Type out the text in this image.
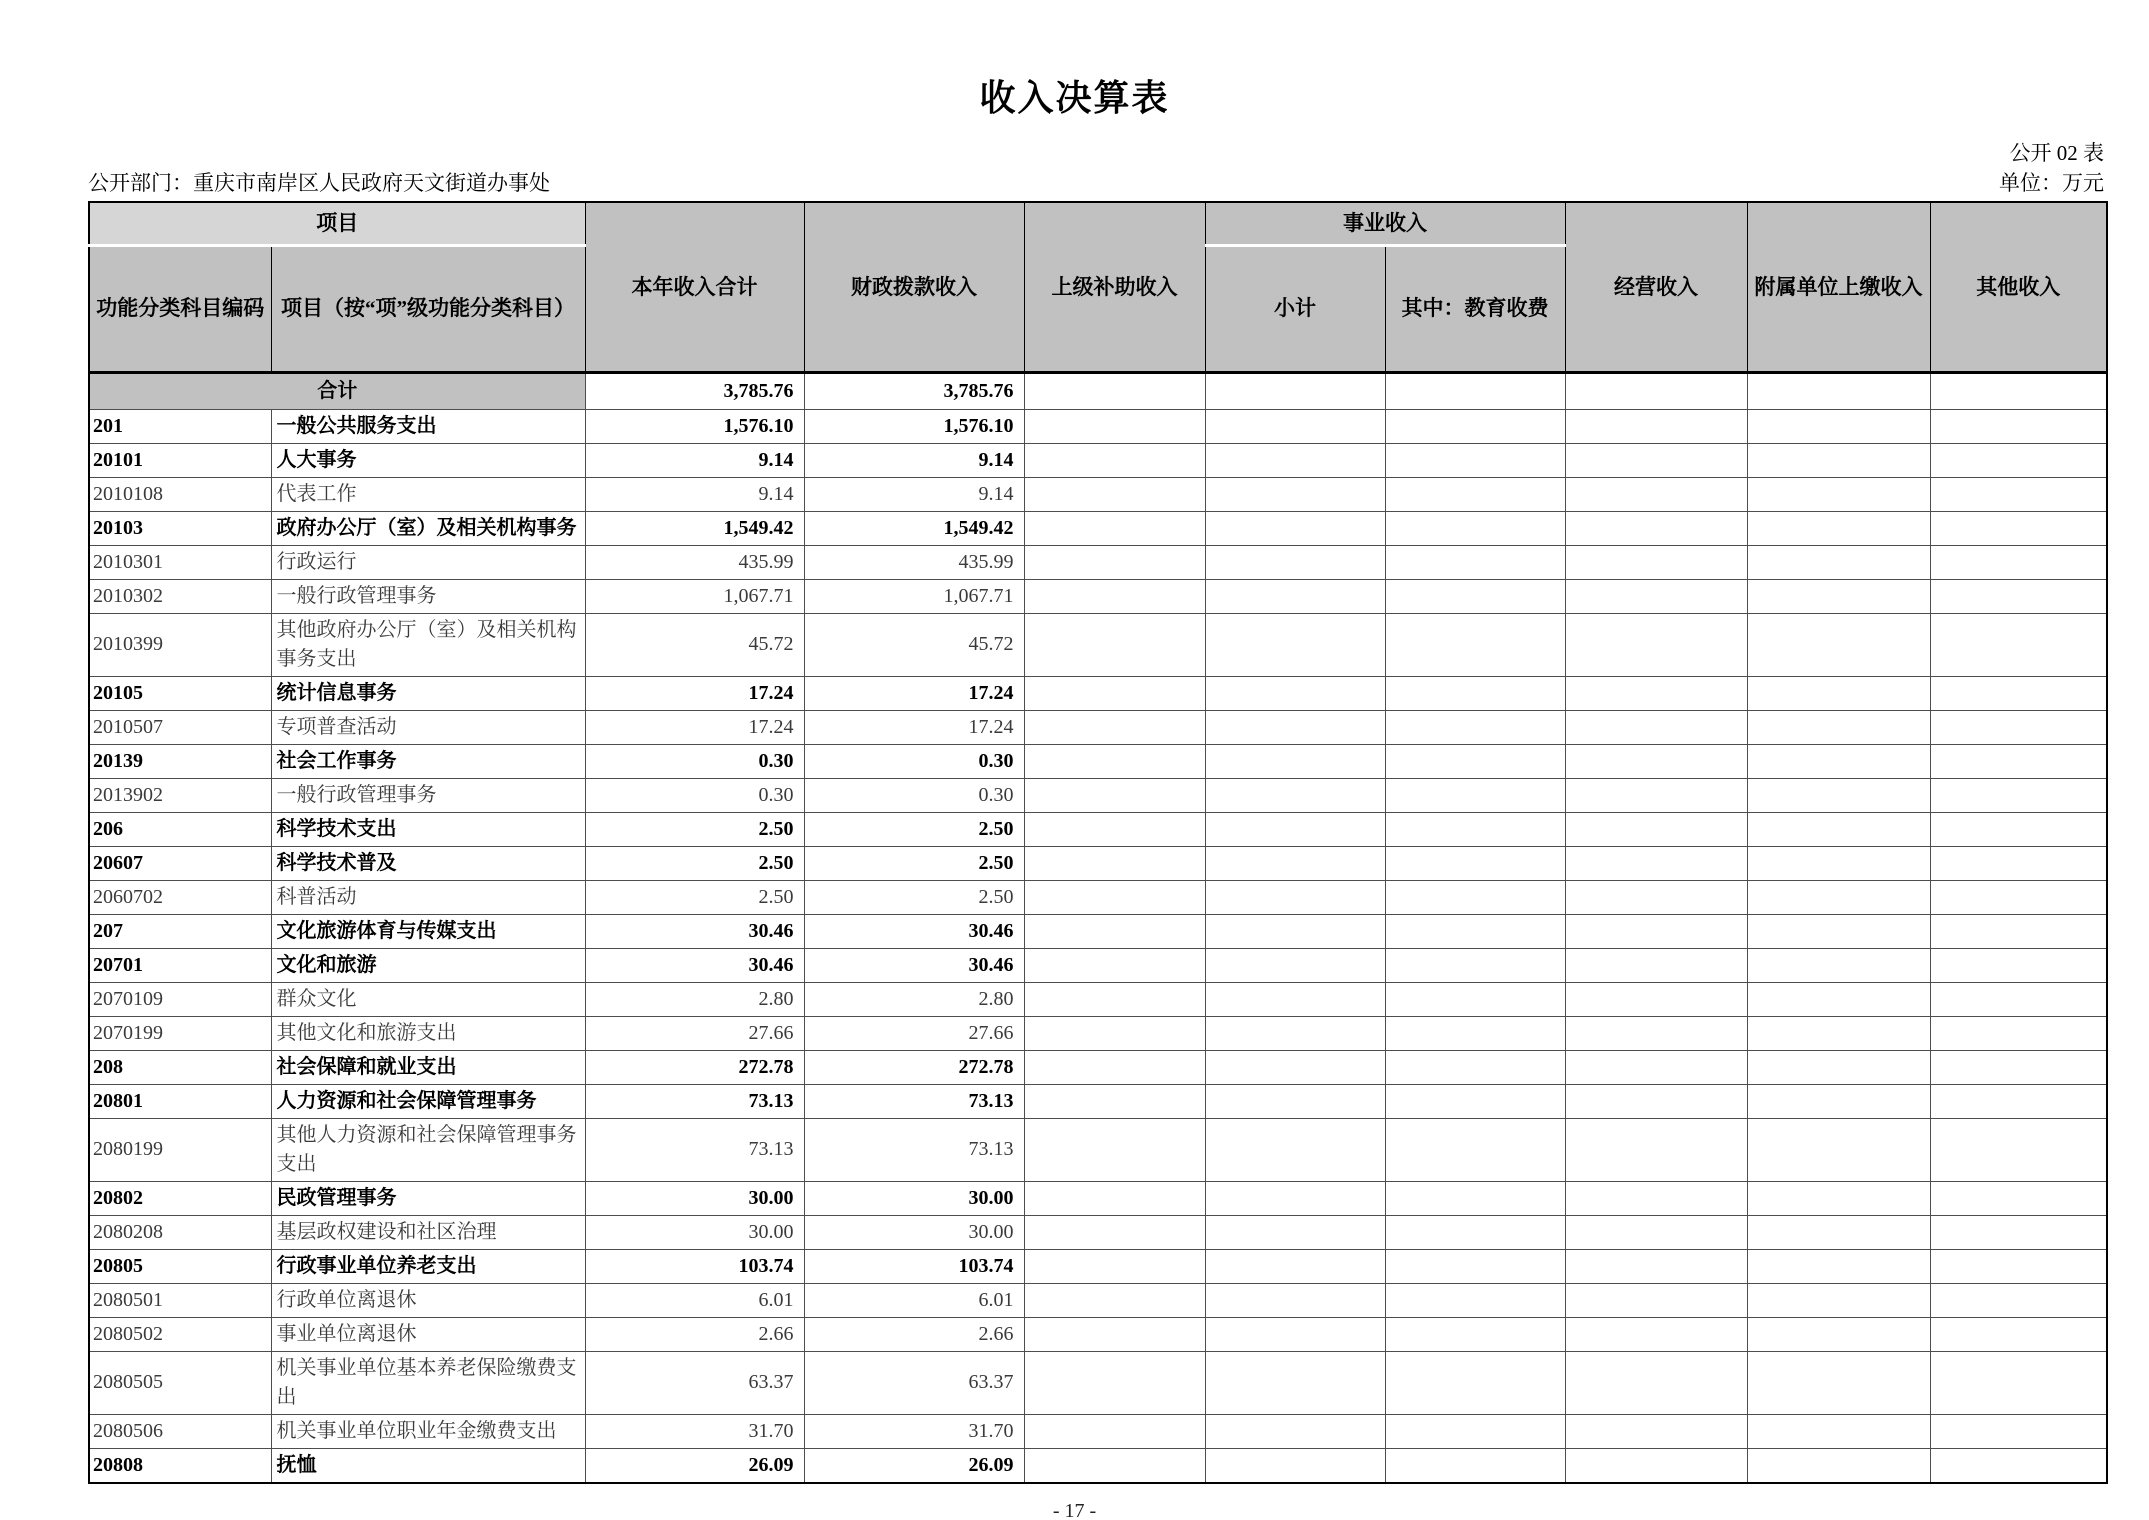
收入决算表
公开 02 表
公开部门：重庆市南岸区人民政府天文街道办事处	单位：万元
项目		本年收入合计	财政拨款收入	上级补助收入	事业收入		经营收入	附属单位上缴收入	其他收入
功能分类科目编码	项目（按“项”级功能分类科目）				小计	其中：教育收费			
合计		3,785.76	3,785.76						
201	一般公共服务支出	1,576.10	1,576.10						
20101	人大事务	9.14	9.14						
2010108	代表工作	9.14	9.14						
20103	政府办公厅（室）及相关机构事务	1,549.42	1,549.42						
2010301	行政运行	435.99	435.99						
2010302	一般行政管理事务	1,067.71	1,067.71						
2010399	其他政府办公厅（室）及相关机构事务支出	45.72	45.72						
20105	统计信息事务	17.24	17.24						
2010507	专项普查活动	17.24	17.24						
20139	社会工作事务	0.30	0.30						
2013902	一般行政管理事务	0.30	0.30						
206	科学技术支出	2.50	2.50						
20607	科学技术普及	2.50	2.50						
2060702	科普活动	2.50	2.50						
207	文化旅游体育与传媒支出	30.46	30.46						
20701	文化和旅游	30.46	30.46						
2070109	群众文化	2.80	2.80						
2070199	其他文化和旅游支出	27.66	27.66						
208	社会保障和就业支出	272.78	272.78						
20801	人力资源和社会保障管理事务	73.13	73.13						
2080199	其他人力资源和社会保障管理事务支出	73.13	73.13						
20802	民政管理事务	30.00	30.00						
2080208	基层政权建设和社区治理	30.00	30.00						
20805	行政事业单位养老支出	103.74	103.74						
2080501	行政单位离退休	6.01	6.01						
2080502	事业单位离退休	2.66	2.66						
2080505	机关事业单位基本养老保险缴费支出	63.37	63.37						
2080506	机关事业单位职业年金缴费支出	31.70	31.70						
20808	抚恤	26.09	26.09						
- 17 -
